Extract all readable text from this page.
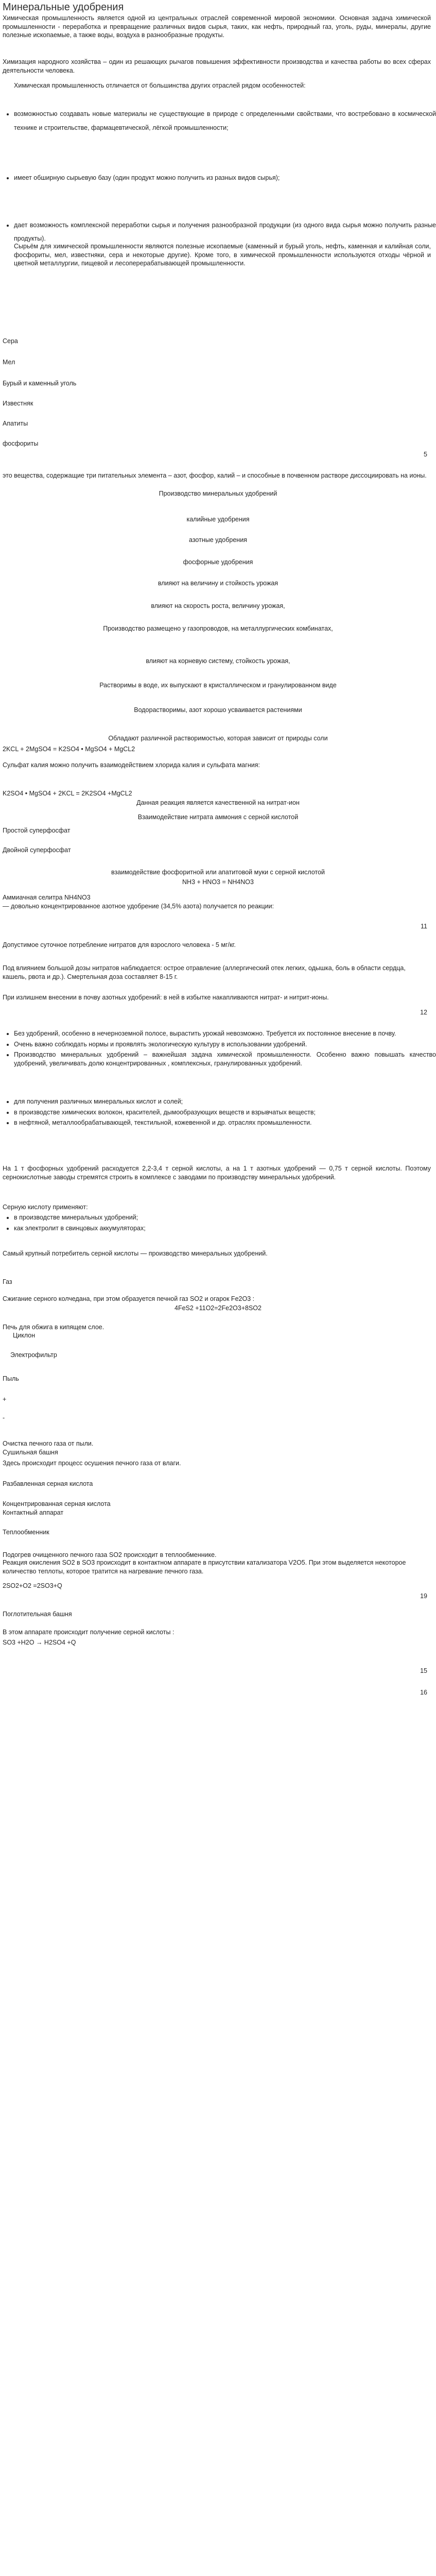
Минеральные удобрения

Химическая промышленность является одной из центральных отраслей современной мировой экономики. Основная задача химической промышленности - переработка и превращение различных видов сырья, таких, как нефть, природный газ, уголь, руды, минералы, другие полезные ископаемые, а также воды, воздуха в разнообразные продукты.

Химизация народного хозяйства – один из решающих рычагов повышения эффективности производства и качества работы во всех сферах деятельности человека.

Химическая промышленность отличается от большинства других отраслей рядом особенностей:

• возможностью создавать новые материалы не существующие в природе с определенными свойствами, что востребовано в космической технике и строительстве, фармацевтической, лёгкой промышленности;
• имеет обширную сырьевую базу (один продукт можно получить из разных видов сырья);
• дает возможность комплексной переработки сырья и получения разнообразной продукции (из одного вида сырья можно получить разные продукты).

Сырьём для химической промышленности являются полезные ископаемые (каменный и бурый уголь, нефть, каменная и калийная соли, фосфориты, мел, известняки, сера и некоторые другие). Кроме того, в химической промышленности используются отходы чёрной и цветной металлургии, пищевой и лесоперерабатывающей промышленности.

Сера

Мел

Бурый и каменный уголь

Известняк

Апатиты

фосфориты

5

это вещества, содержащие три питательных элемента – азот, фосфор, калий – и способные в почвенном растворе диссоциировать на ионы.

Производство минеральных удобрений

калийные удобрения

азотные удобрения

фосфорные удобрения

влияют на величину и стойкость урожая

влияют на скорость роста, величину урожая,

Производство размещено у газопроводов, на металлургических комбинатах,

влияют на корневую систему, стойкость урожая,

Растворимы в воде, их выпускают в кристаллическом и гранулированном виде

Водорастворимы, азот хорошо усваивается растениями

Обладают различной растворимостью, которая зависит от природы соли

2KCL + 2MgSO4 = K2SO4 • MgSO4 + MgCL2

Сульфат калия можно получить взаимодействием хлорида калия и сульфата магния:

K2SO4 • MgSO4 + 2KCL = 2K2SO4 +MgCL2

Данная реакция является качественной на нитрат-ион

Взаимодействие нитрата аммония с серной кислотой

Простой суперфосфат

Двойной суперфосфат

взаимодействие фосфоритной или апатитовой муки с серной кислотой

NH3 + HNO3 = NH4NO3

Аммиачная селитра NH4NO3

— довольно концентрированное азотное удобрение (34,5% азота) получается по реакции:

11

Допустимое суточное потребление нитратов для взрослого человека - 5 мг/кг.

Под влиянием большой дозы нитратов наблюдается: острое отравление (аллергический отек легких, одышка, боль в области сердца, кашель, рвота и др.). Смертельная доза составляет 8-15 г.

При излишнем внесении в почву азотных удобрений: в ней в избытке накапливаются нитрат- и нитрит-ионы.

12

• Без удобрений, особенно в нечерноземной полосе, вырастить урожай невозможно. Требуется их постоянное внесение в почву.
• Очень важно соблюдать нормы и проявлять экологическую культуру в использовании удобрений.
• Производство минеральных удобрений – важнейшая задача химической промышленности. Особенно важно повышать качество удобрений, увеличивать долю концентрированных , комплексных, гранулированных удобрений.
• для получения различных минеральных кислот и солей;
• в производстве химических волокон, красителей, дымообразующих веществ и взрывчатых веществ;
• в нефтяной, металлообрабатывающей, текстильной, кожевенной и др. отраслях промышленности.

На 1 т фосфорных удобрений расходуется 2,2-3,4 т серной кислоты, а на 1 т азотных удобрений — 0,75 т серной кислоты. Поэтому сернокислотные заводы стремятся строить в комплексе с заводами по производству минеральных удобрений.

Серную кислоту применяют:

• в производстве минеральных удобрений;
• как электролит в свинцовых аккумуляторах;

Самый крупный потребитель серной кислоты — производство минеральных удобрений.

Газ

Сжигание серного колчедана, при этом образуется печной газ SO2 и огарок Fe2O3 :

4FeS2 +11O2=2Fe2O3+8SO2

Печь для обжига в кипящем слое.

Циклон

Электрофильтр

Пыль

+

-

Очистка печного газа от пыли.

Сушильная башня

Здесь происходит процесс осушения печного газа от влаги.

Разбавленная серная кислота

Концентрированная серная кислота

Контактный аппарат

Теплообменник

Подогрев очищенного печного газа SO2 происходит в теплообменнике.

Реакция окисления SO2 в SO3 происходит в контактном аппарате в присутствии катализатора V2O5. При этом выделяется некоторое количество теплоты, которое тратится на нагревание печного газа.

2SO2+O2 =2SO3+Q

19

Поглотительная башня

В этом аппарате происходит получение серной кислоты :

SO3 +H2O → H2SO4 +Q

15

16
